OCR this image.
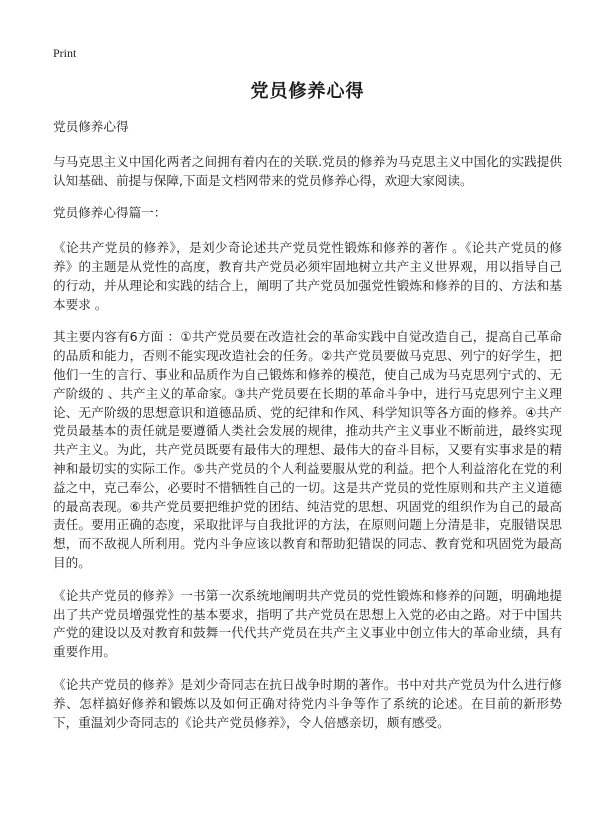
Print
党员修养心得
党员修养心得
与马克思主义中国化两者之间拥有着内在的关联.党员的修养为马克思主义中国化的实践提供认知基础、前提与保障,下面是文档网带来的党员修养心得，欢迎大家阅读。
党员修养心得篇一：
《论共产党员的修养》，是刘少奇论述共产党员党性锻炼和修养的著作 。《论共产党员的修养》的主题是从党性的高度，教育共产党员必须牢固地树立共产主义世界观，用以指导自己的行动，并从理论和实践的结合上，阐明了共产党员加强党性锻炼和修养的目的、方法和基本要求 。
其主要内容有6方面 ：①共产党员要在改造社会的革命实践中自觉改造自己，提高自己革命的品质和能力，否则不能实现改造社会的任务。②共产党员要做马克思、列宁的好学生，把他们一生的言行、事业和品质作为自己锻炼和修养的模范，使自己成为马克思列宁式的、无产阶级的 、共产主义的革命家。③共产党员要在长期的革命斗争中，进行马克思列宁主义理论、无产阶级的思想意识和道德品质、党的纪律和作风、科学知识等各方面的修养。④共产党员最基本的责任就是要遵循人类社会发展的规律，推动共产主义事业不断前进，最终实现共产主义。为此，共产党员既要有最伟大的理想、最伟大的奋斗目标，又要有实事求是的精神和最切实的实际工作。⑤共产党员的个人利益要服从党的利益。把个人利益溶化在党的利益之中，克己奉公，必要时不惜牺牲自己的一切。这是共产党员的党性原则和共产主义道德的最高表现。⑥共产党员要把维护党的团结、纯洁党的思想、巩固党的组织作为自己的最高责任。要用正确的态度，采取批评与自我批评的方法，在原则问题上分清是非，克服错误思想，而不敌视人所利用。党内斗争应该以教育和帮助犯错误的同志、教育党和巩固党为最高目的。
《论共产党员的修养》一书第一次系统地阐明共产党员的党性锻炼和修养的问题，明确地提出了共产党员增强党性的基本要求，指明了共产党员在思想上入党的必由之路。对于中国共产党的建设以及对教育和鼓舞一代代共产党员在共产主义事业中创立伟大的革命业绩，具有重要作用。
《论共产党员的修养》是刘少奇同志在抗日战争时期的著作。书中对共产党员为什么进行修养、怎样搞好修养和锻炼以及如何正确对待党内斗争等作了系统的论述。在目前的新形势下，重温刘少奇同志的《论共产党员修养》，令人倍感亲切，颇有感受。
